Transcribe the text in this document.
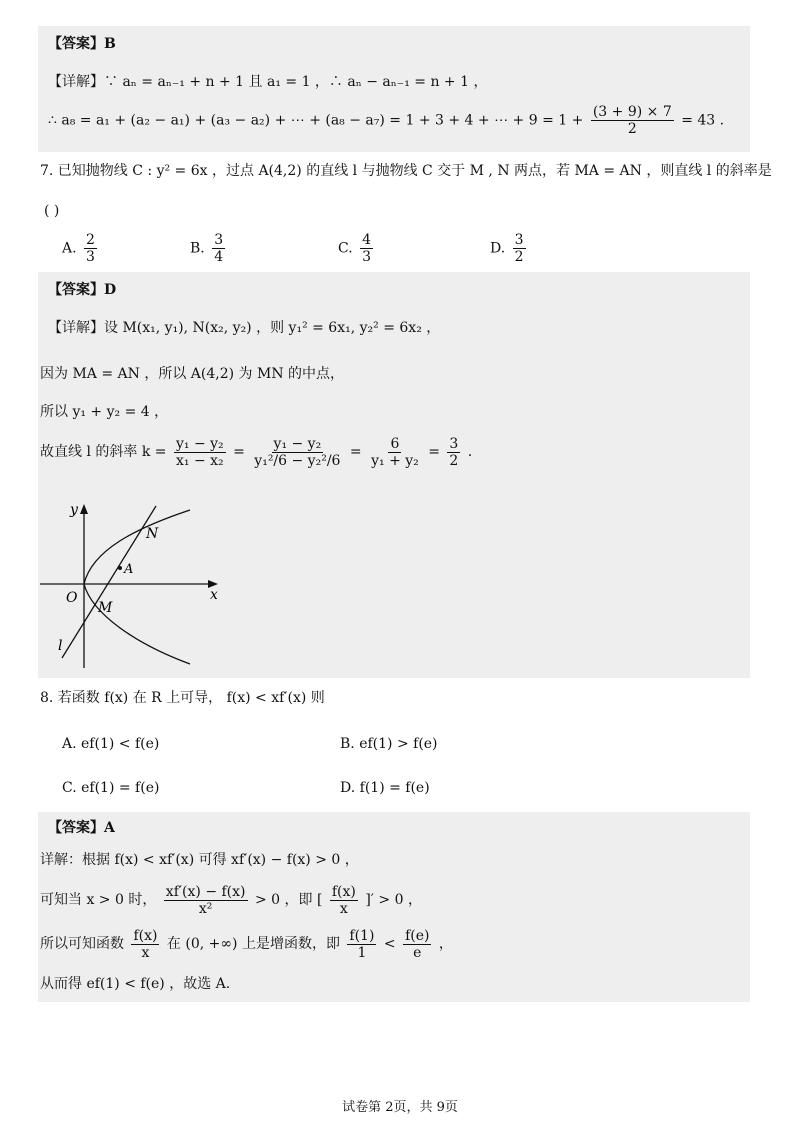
【答案】B
【详解】∵ aₙ = aₙ₋₁ + n + 1 且 a₁ = 1 ，∴ aₙ − aₙ₋₁ = n + 1 ，
∴ a₈ = a₁ + (a₂ − a₁) + (a₃ − a₂) + ⋯ + (a₈ − a₇) = 1 + 3 + 4 + ⋯ + $9 = 1 + \frac{(3 + 9) \times 7}{2} = 43$ .
7. 已知抛物线 C : y² = 6x ，过点 A(4,2) 的直线 l 与抛物线 C 交于 M , N 两点，若 MA = AN ，则直线 l 的斜率是
( )
A. $\frac{2}{3}$	B. $\frac{3}{4}$	C. $\frac{4}{3}$	D. $\frac{3}{2}$
【答案】D
【详解】设 M(x₁, y₁), N(x₂, y₂) ，则 y₁² = 6x₁, y₂² = 6x₂ ，
因为 MA = AN ，所以 A(4,2) 为 MN 的中点，
所以 y₁ + y₂ = 4 ，
故直线 l 的斜率 $k = \frac{\text{y₁ − y₂}}{\text{x₁ − x₂}} = \frac{\text{y₁ − y₂}}{\text{y₁²/6 − y₂²/6}} = \frac{6}{\text{y₁ + y₂}} = \frac{3}{2}$ .
y
x
O
A
N
M
l
8. 若函数 f(x) 在 R 上可导， f(x) < xf′(x) 则
A. ef(1) < f(e)	B. ef(1) > f(e)
C. ef(1) = f(e)	D. f(1) = f(e)
【答案】A
详解：根据 f(x) < xf′(x) 可得 xf′(x) − f(x) > 0 ，
可知当 x > 0 时， $\frac{xf'(x) - f(x)}{\text{x²}} > 0$ ，即 [ $\frac{f(x)}{x}$ ]′ > 0 ，
所以可知函数 $\frac{f(x)}{x}$ 在 (0, +∞) 上是增函数，即 $\frac{f(1)}{1} < \frac{f(e)}{e}$ ，
从而得 ef(1) < f(e) ，故选 A.
试卷第 2页，共 9页
